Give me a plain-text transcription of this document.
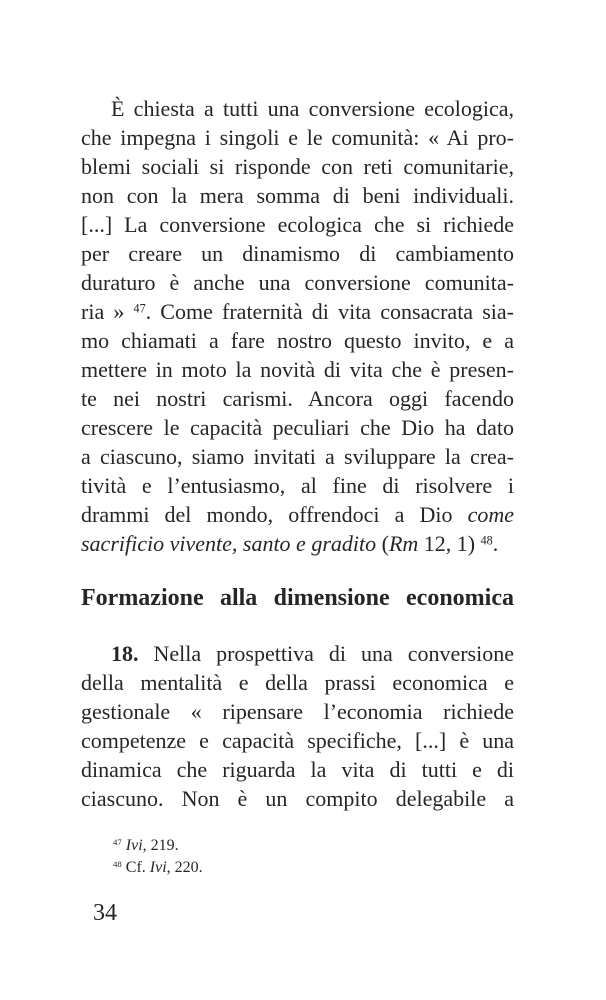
È chiesta a tutti una conversione ecologica,
che impegna i singoli e le comunità: « Ai pro-
blemi sociali si risponde con reti comunitarie,
non con la mera somma di beni individuali.
[...] La conversione ecologica che si richiede
per creare un dinamismo di cambiamento
duraturo è anche una conversione comunita-
ria » $^{47}$. Come fraternità di vita consacrata sia-
mo chiamati a fare nostro questo invito, e a
mettere in moto la novità di vita che è presen-
te nei nostri carismi. Ancora oggi facendo
crescere le capacità peculiari che Dio ha dato
a ciascuno, siamo invitati a sviluppare la crea-
tività e l’entusiasmo, al fine di risolvere i
drammi del mondo, offrendoci a Dio come
sacrificio vivente, santo e gradito (Rm 12, 1) $^{48}$.
Formazione alla dimensione economica
18. Nella prospettiva di una conversione
della mentalità e della prassi economica e
gestionale « ripensare l’economia richiede
competenze e capacità specifiche, [...] è una
dinamica che riguarda la vita di tutti e di
ciascuno. Non è un compito delegabile a
$^{47}$ Ivi, 219.
$^{48}$ Cf. Ivi, 220.
34
